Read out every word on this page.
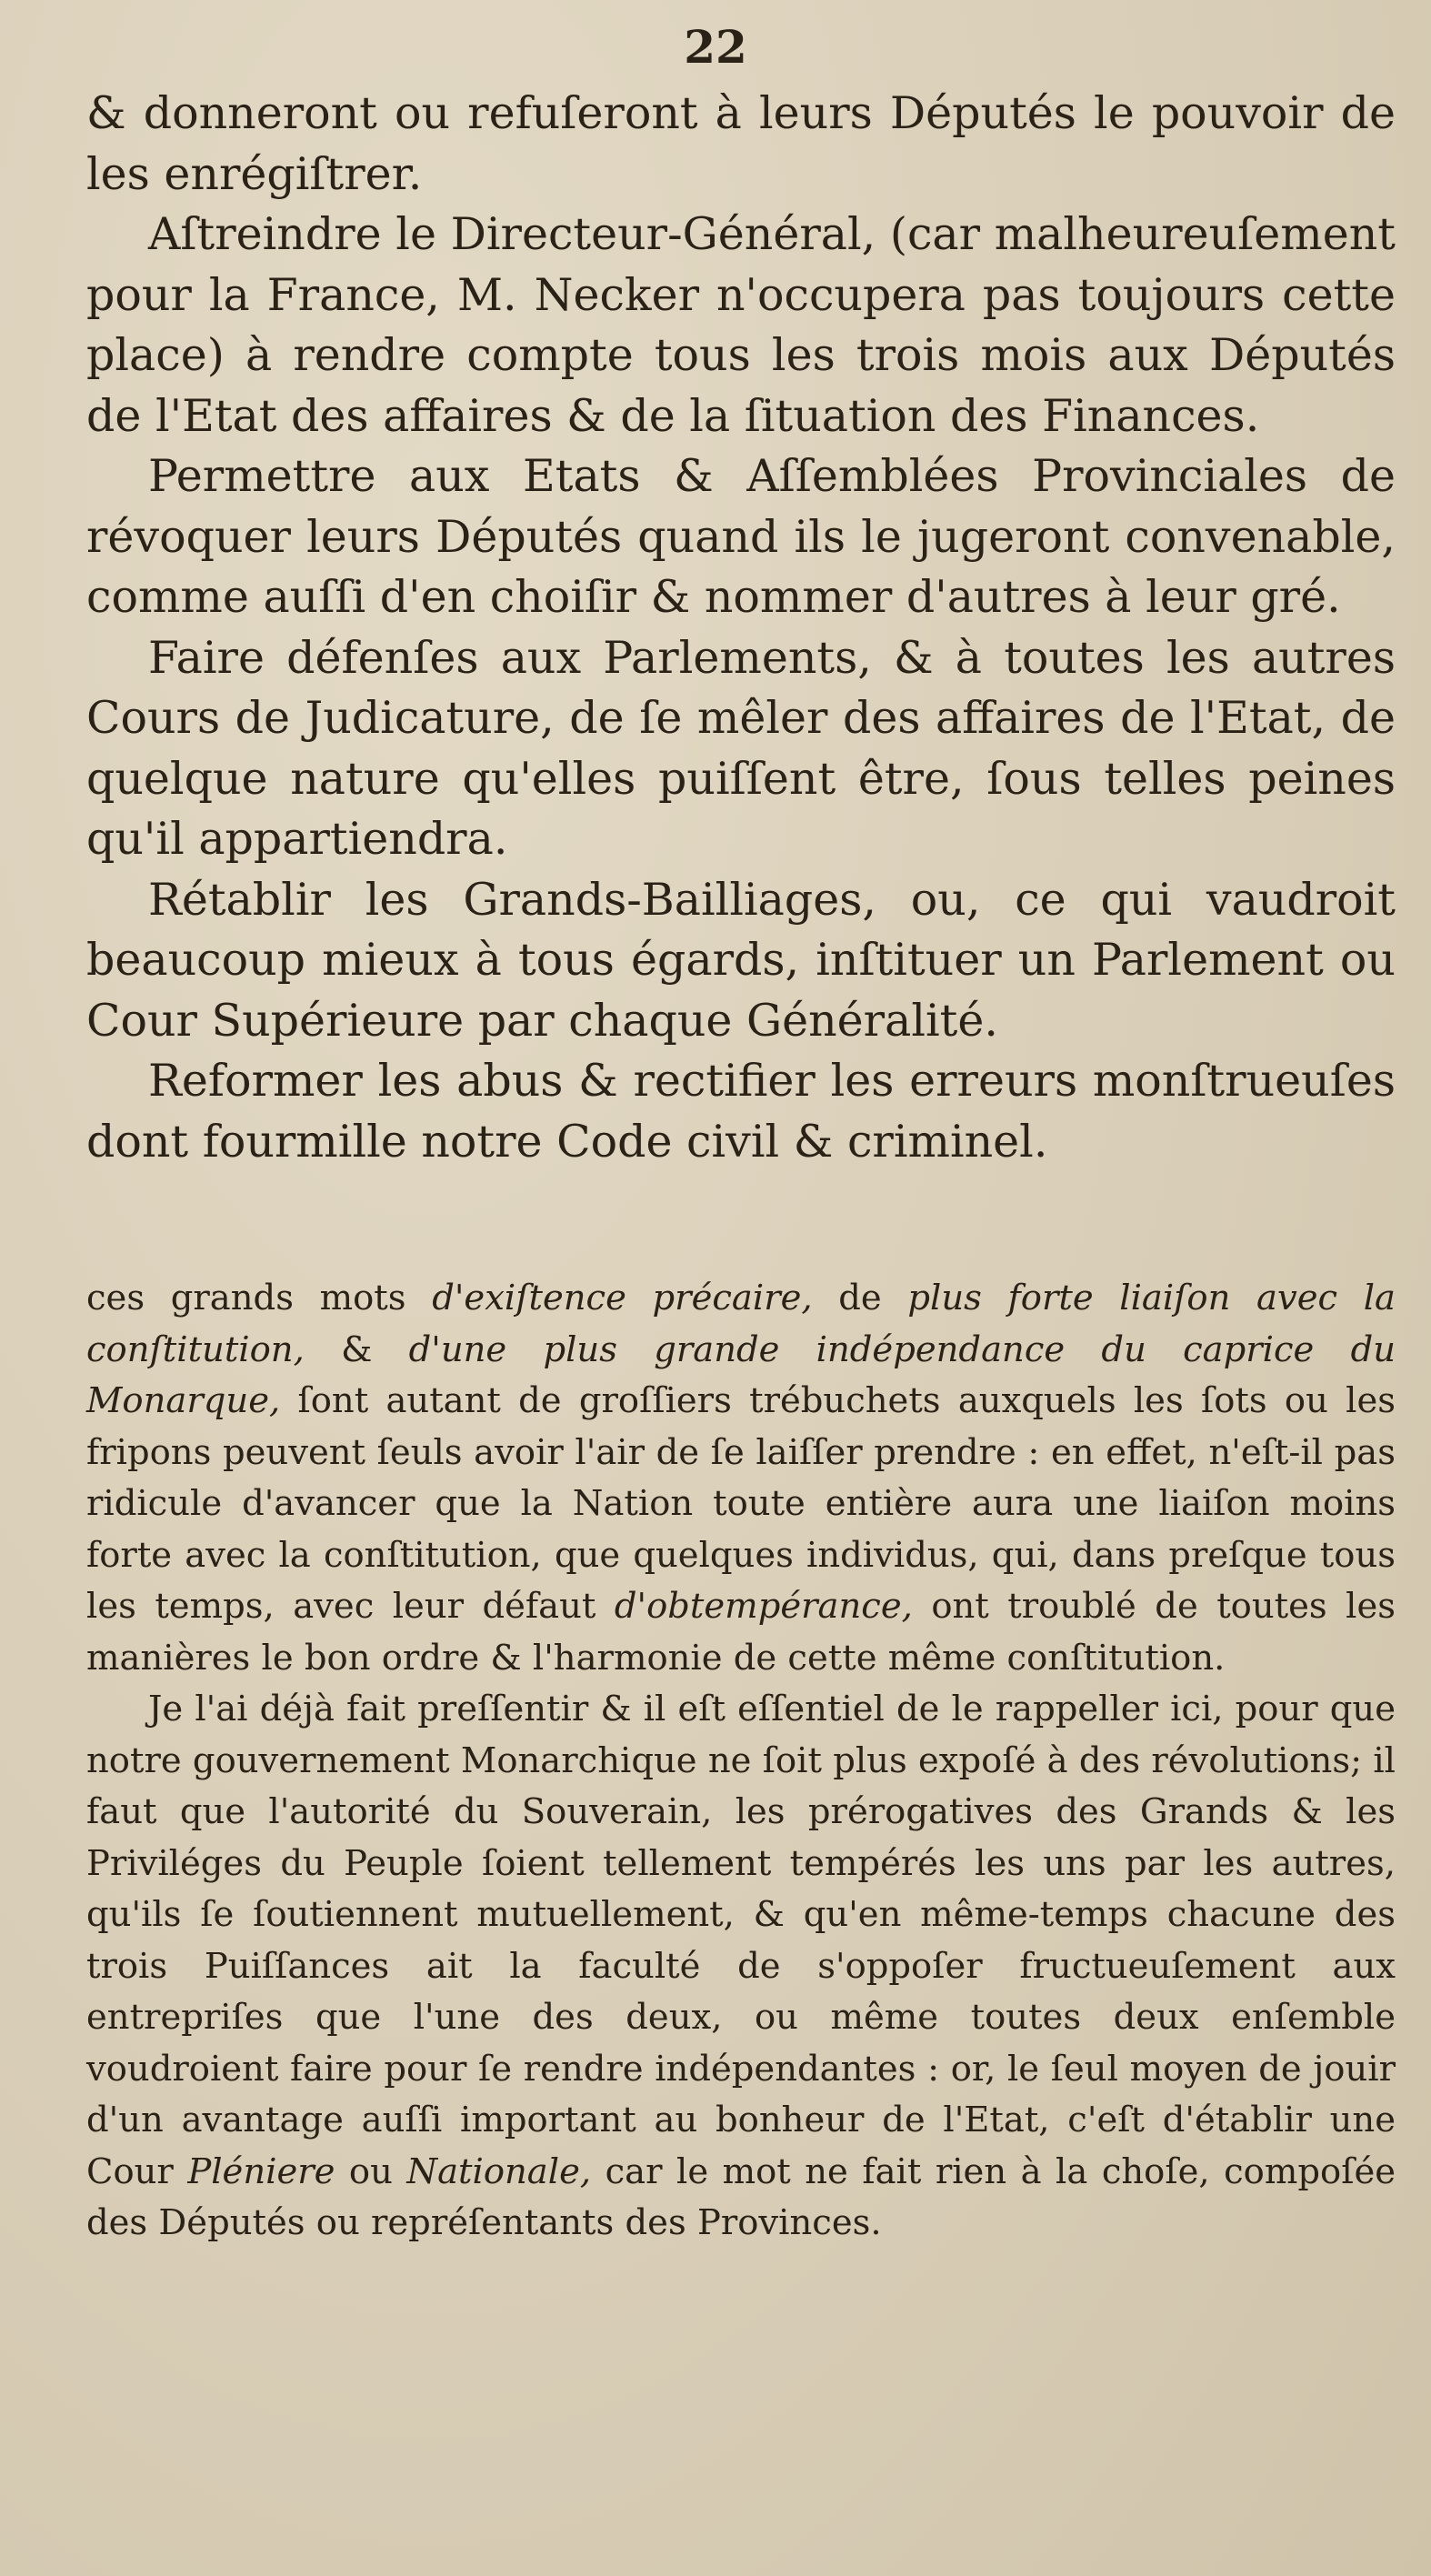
22

& donneront ou refuſeront à leurs Députés le pouvoir de les enrégiſtrer.

Aſtreindre le Directeur-Général, (car malheureuſement pour la France, M. Necker n'occupera pas toujours cette place) à rendre compte tous les trois mois aux Députés de l'Etat des affaires & de la ſituation des Finances.

Permettre aux Etats & Aſſemblées Provinciales de révoquer leurs Députés quand ils le jugeront convenable, comme auſſi d'en choiſir & nommer d'autres à leur gré.

Faire défenſes aux Parlements, & à toutes les autres Cours de Judicature, de ſe mêler des affaires de l'Etat, de quelque nature qu'elles puiſſent être, ſous telles peines qu'il appartiendra.

Rétablir les Grands-Bailliages, ou, ce qui vaudroit beaucoup mieux à tous égards, inſtituer un Parlement ou Cour Supérieure par chaque Généralité.

Reformer les abus & rectifier les erreurs monſtrueuſes dont fourmille notre Code civil & criminel.

ces grands mots d'exiſtence précaire, de plus forte liaiſon avec la conſtitution, & d'une plus grande indépendance du caprice du Monarque, ſont autant de groſſiers trébuchets auxquels les ſots ou les fripons peuvent ſeuls avoir l'air de ſe laiſſer prendre : en effet, n'eſt-il pas ridicule d'avancer que la Nation toute entière aura une liaiſon moins forte avec la conſtitution, que quelques individus, qui, dans preſque tous les temps, avec leur défaut d'obtempérance, ont troublé de toutes les manières le bon ordre & l'harmonie de cette même conſtitution.

Je l'ai déjà fait preſſentir & il eſt eſſentiel de le rappeller ici, pour que notre gouvernement Monarchique ne ſoit plus expoſé à des révolutions; il faut que l'autorité du Souverain, les prérogatives des Grands & les Priviléges du Peuple ſoient tellement tempérés les uns par les autres, qu'ils ſe ſoutiennent mutuellement, & qu'en même-temps chacune des trois Puiſſances ait la faculté de s'oppoſer fructueuſement aux entrepriſes que l'une des deux, ou même toutes deux enſemble voudroient faire pour ſe rendre indépendantes : or, le ſeul moyen de jouir d'un avantage auſſi important au bonheur de l'Etat, c'eſt d'établir une Cour Pléniere ou Nationale, car le mot ne fait rien à la choſe, compoſée des Députés ou repréſentants des Provinces.
